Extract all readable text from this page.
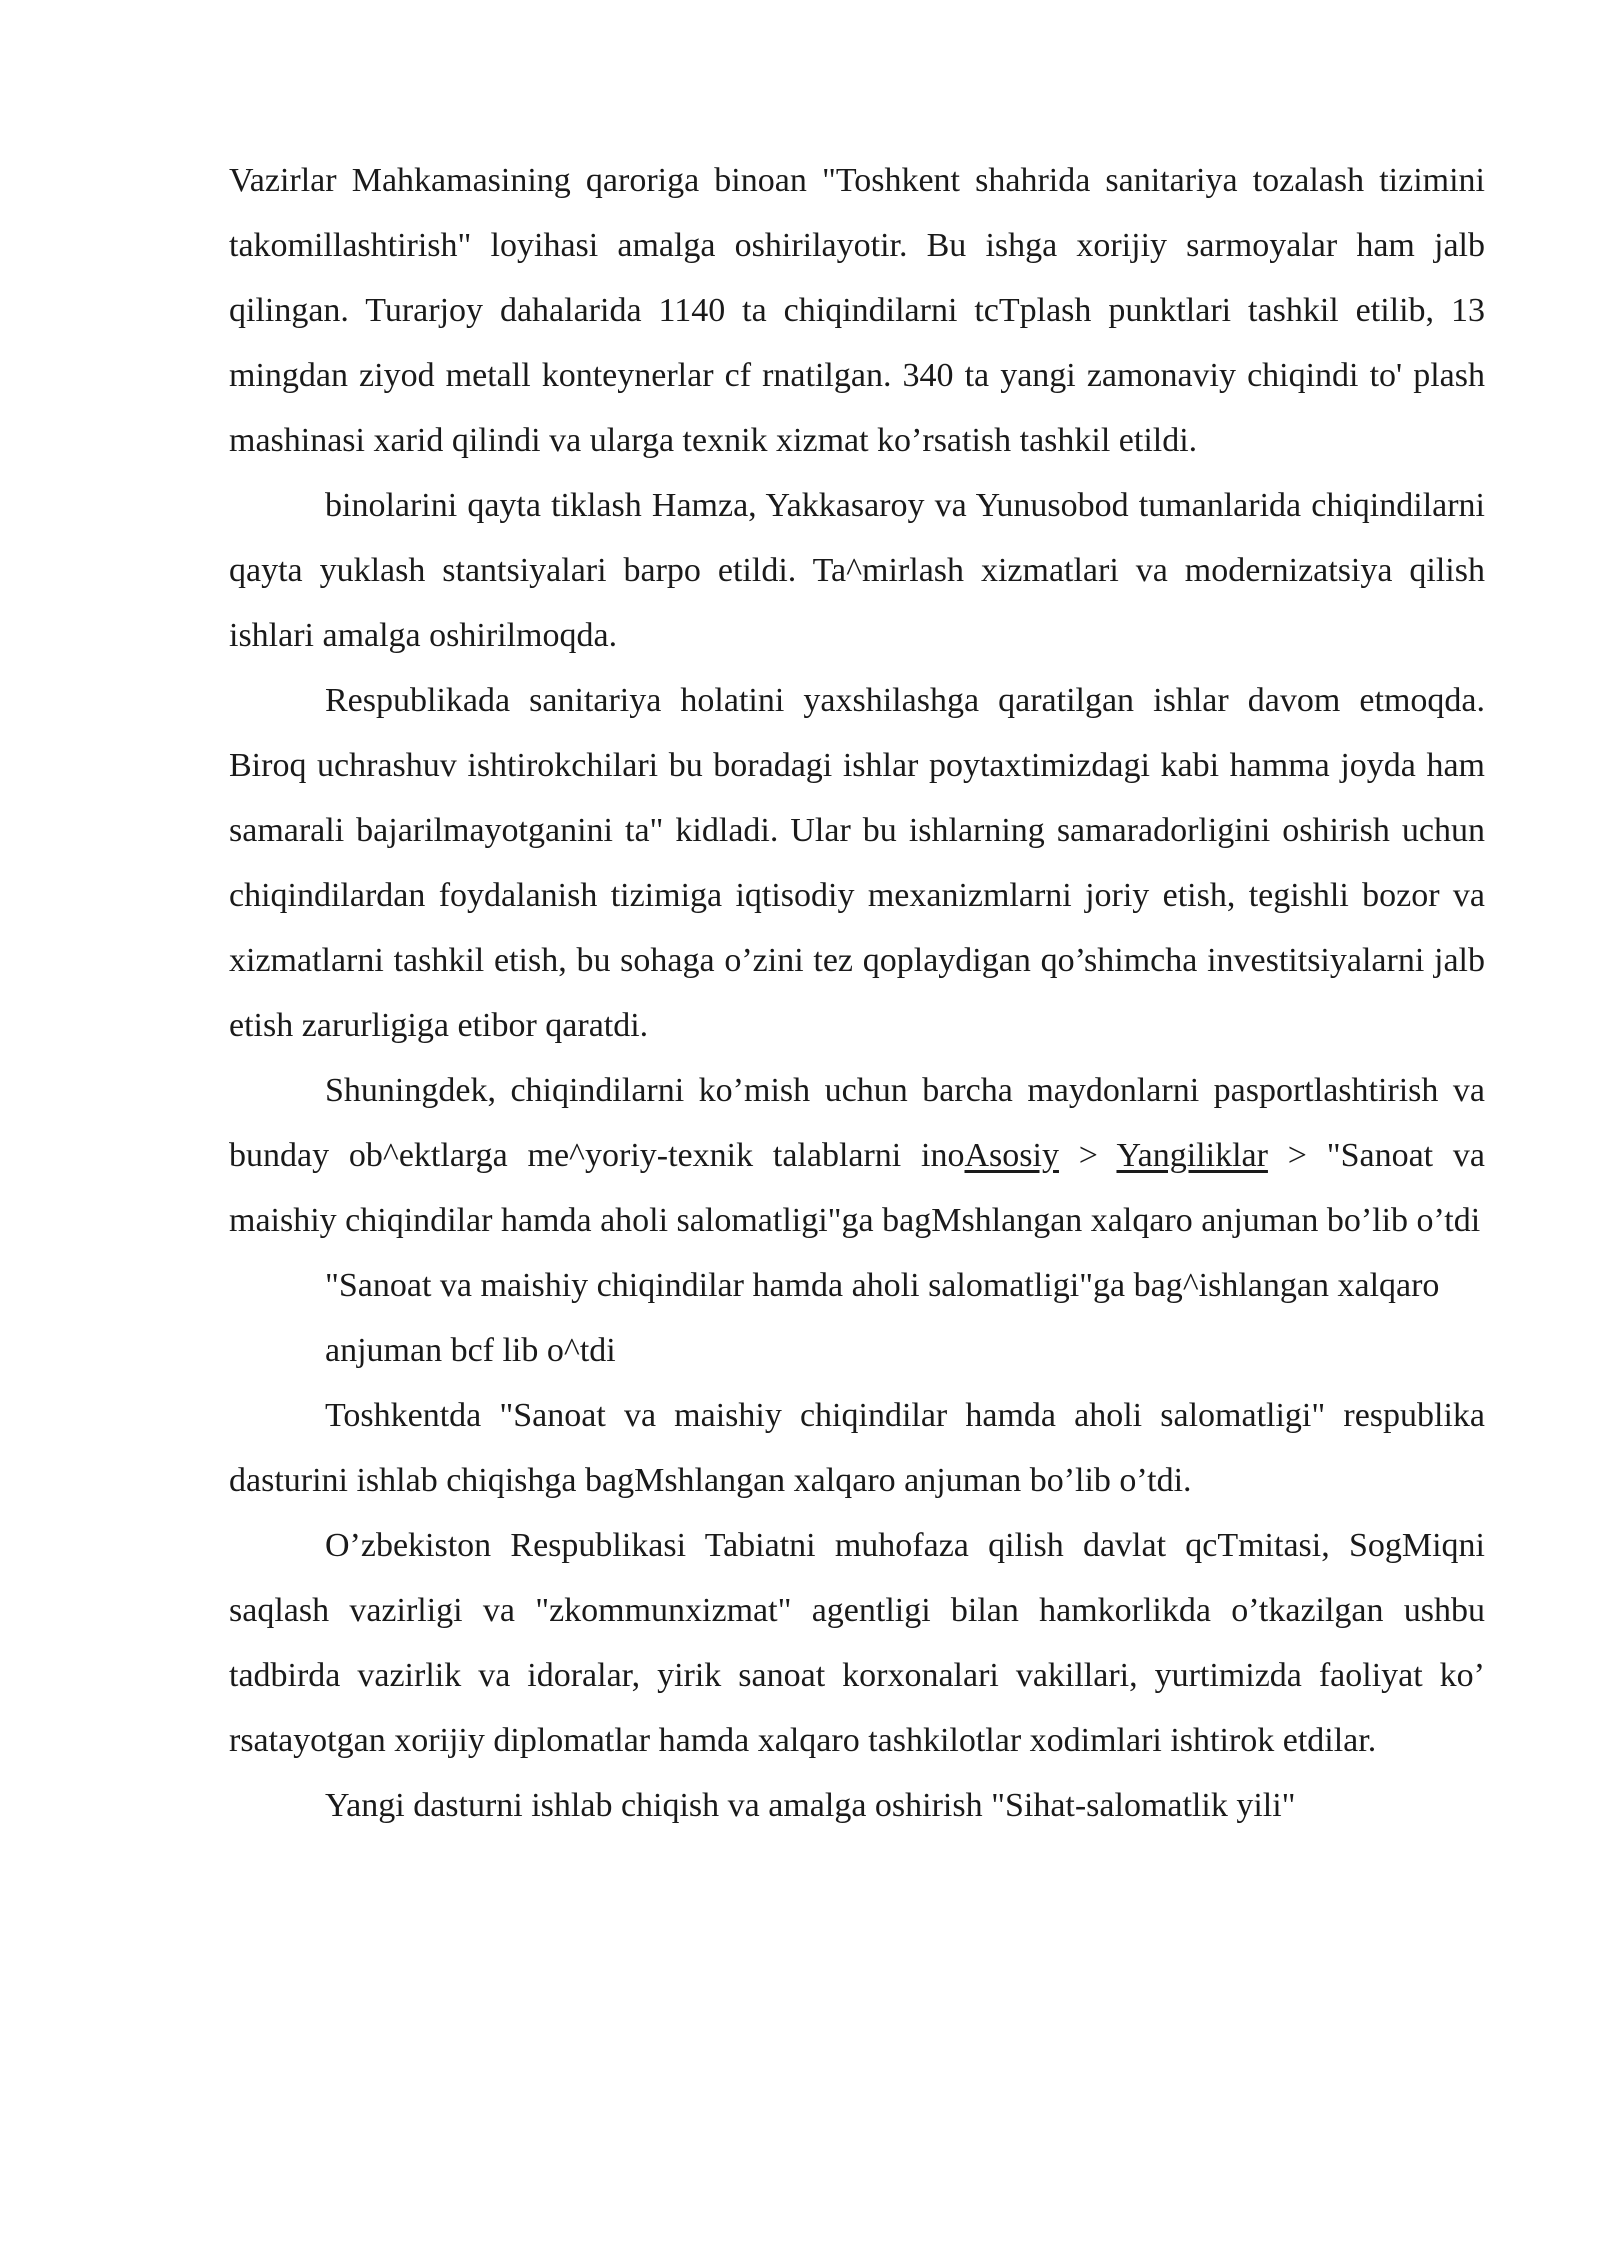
Vazirlar Mahkamasining qaroriga binoan "Toshkent shahrida sanitariya tozalash tizimini takomillashtirish" loyihasi amalga oshirilayotir. Bu ishga xorijiy sarmoyalar ham jalb qilingan. Turarjoy dahalarida 1140 ta chiqindilarni tcTplash punktlari tashkil etilib, 13 mingdan ziyod metall konteynerlar cf rnatilgan. 340 ta yangi zamonaviy chiqindi to' plash mashinasi xarid qilindi va ularga texnik xizmat ko’rsatish tashkil etildi.

binolarini qayta tiklash Hamza, Yakkasaroy va Yunusobod tumanlarida chiqindilarni qayta yuklash stantsiyalari barpo etildi. Ta^mirlash xizmatlari va modernizatsiya qilish ishlari amalga oshirilmoqda.

Respublikada sanitariya holatini yaxshilashga qaratilgan ishlar davom etmoqda. Biroq uchrashuv ishtirokchilari bu boradagi ishlar poytaxtimizdagi kabi hamma joyda ham samarali bajarilmayotganini ta" kidladi. Ular bu ishlarning samaradorligini oshirish uchun chiqindilardan foydalanish tizimiga iqtisodiy mexanizmlarni joriy etish, tegishli bozor va xizmatlarni tashkil etish, bu sohaga o’zini tez qoplaydigan qo’shimcha investitsiyalarni jalb etish zarurligiga etibor qaratdi.

Shuningdek, chiqindilarni ko’mish uchun barcha maydonlarni pasportlashtirish va bunday ob^ektlarga me^yoriy-texnik talablarni inoAsosiy > Yangiliklar > "Sanoat va maishiy chiqindilar hamda aholi salomatligi"ga bagMshlangan xalqaro anjuman bo’lib o’tdi

"Sanoat va maishiy chiqindilar hamda aholi salomatligi"ga bag^ishlangan xalqaro anjuman bcf lib o^tdi

Toshkentda "Sanoat va maishiy chiqindilar hamda aholi salomatligi" respublika dasturini ishlab chiqishga bagMshlangan xalqaro anjuman bo’lib o’tdi.

O’zbekiston Respublikasi Tabiatni muhofaza qilish davlat qcTmitasi, SogMiqni saqlash vazirligi va "zkommunxizmat" agentligi bilan hamkorlikda o’tkazilgan ushbu tadbirda vazirlik va idoralar, yirik sanoat korxonalari vakillari, yurtimizda faoliyat ko’ rsatayotgan xorijiy diplomatlar hamda xalqaro tashkilotlar xodimlari ishtirok etdilar.

Yangi dasturni ishlab chiqish va amalga oshirish "Sihat-salomatlik yili"
